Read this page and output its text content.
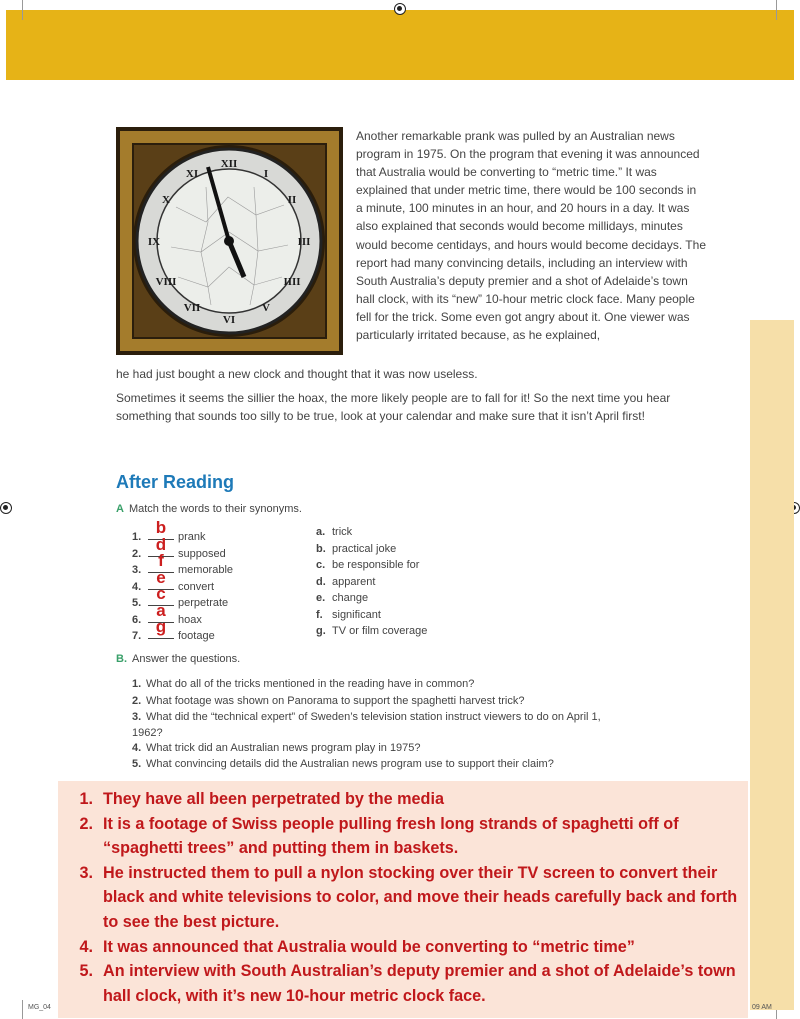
XII
I
II
III
IIII
V
VI
VII
VIII
IX
X
XI

Another remarkable prank was pulled by an Australian news program in 1975. On the program that evening it was announced that Australia would be converting to “metric time.” It was explained that under metric time, there would be 100 seconds in a minute, 100 minutes in an hour, and 20 hours in a day. It was also explained that seconds would become millidays, minutes would become centidays, and hours would become decidays. The report had many convincing details, including an interview with South Australia’s deputy premier and a shot of Adelaide’s town hall clock, with its “new” 10-hour metric clock face. Many people fell for the trick. Some even got angry about it. One viewer was particularly irritated because, as he explained,

he had just bought a new clock and thought that it was now useless.
Sometimes it seems the sillier the hoax, the more likely people are to fall for it! So the next time you hear something that sounds too silly to be true, look at your calendar and make sure that it isn’t April first!
After Reading
A Match the words to their synonyms.
1. b	prank
2. d	supposed
3. f	memorable
4. e	convert
5. c	perpetrate
6. a	hoax
7. g	footage
a. trick
b. practical joke
c. be responsible for
d. apparent
e. change
f. significant
g. TV or film coverage
B. Answer the questions.
1. What do all of the tricks mentioned in the reading have in common?
2. What footage was shown on Panorama to support the spaghetti harvest trick?
3. What did the “technical expert” of Sweden’s television station instruct viewers to do on April 1, 1962?
4. What trick did an Australian news program play in 1975?
5. What convincing details did the Australian news program use to support their claim?
1. They have all been perpetrated by the media
2. It is a footage of Swiss people pulling fresh long strands of spaghetti off of “spaghetti trees” and putting them in baskets.
3. He instructed them to pull a nylon stocking over their TV screen to convert their black and white televisions to color, and move their heads carefully back and forth to see the best picture.
4. It was announced that Australia would be converting to “metric time”
5. An interview with South Australian’s deputy premier and a shot of Adelaide’s town hall clock, with it’s new 10-hour metric clock face.
MG_04	09 AM
